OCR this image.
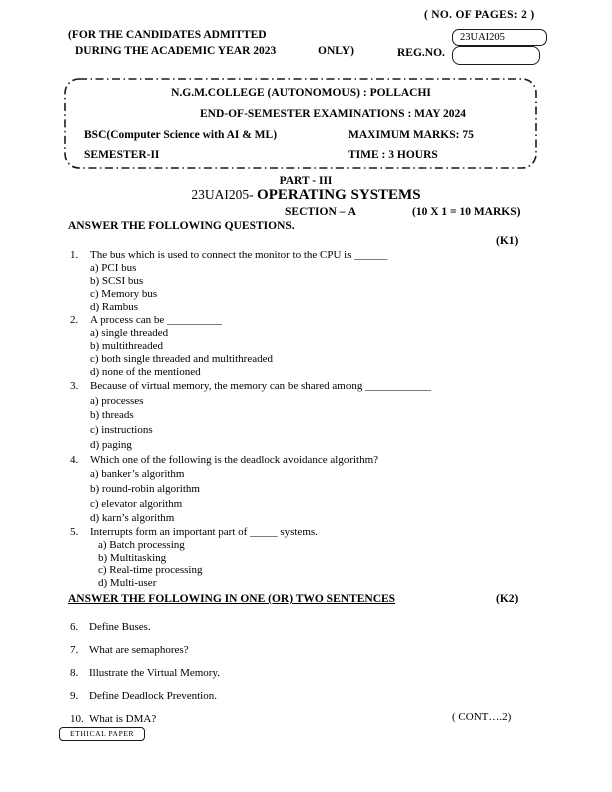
( NO. OF PAGES: 2 )
(FOR THE CANDIDATES ADMITTED
DURING THE ACADEMIC YEAR 2023	ONLY)	REG.NO.
23UAI205
N.G.M.COLLEGE (AUTONOMOUS) : POLLACHI
END-OF-SEMESTER EXAMINATIONS : MAY 2024
BSC(Computer Science with AI & ML)	MAXIMUM MARKS: 75
SEMESTER-II	TIME : 3 HOURS
PART - III
23UAI205- OPERATING SYSTEMS
SECTION – A	(10 X 1 = 10 MARKS)
ANSWER THE FOLLOWING QUESTIONS.
(K1)
1. The bus which is used to connect the monitor to the CPU is ______
a) PCI bus
b) SCSI bus
c) Memory bus
d) Rambus
2. A process can be __________
a) single threaded
b) multithreaded
c) both single threaded and multithreaded
d) none of the mentioned
3. Because of virtual memory, the memory can be shared among ____________
a) processes
b) threads
c) instructions
d) paging
4. Which one of the following is the deadlock avoidance algorithm?
a) banker’s algorithm
b) round-robin algorithm
c) elevator algorithm
d) karn’s algorithm
5. Interrupts form an important part of _____ systems.
a) Batch processing
b) Multitasking
c) Real-time processing
d) Multi-user
ANSWER THE FOLLOWING IN ONE (OR) TWO SENTENCES	(K2)
6. Define Buses.
7. What are semaphores?
8. Illustrate the Virtual Memory.
9. Define Deadlock Prevention.
10. What is DMA?	( CONT….2)
ETHICAL PAPER
